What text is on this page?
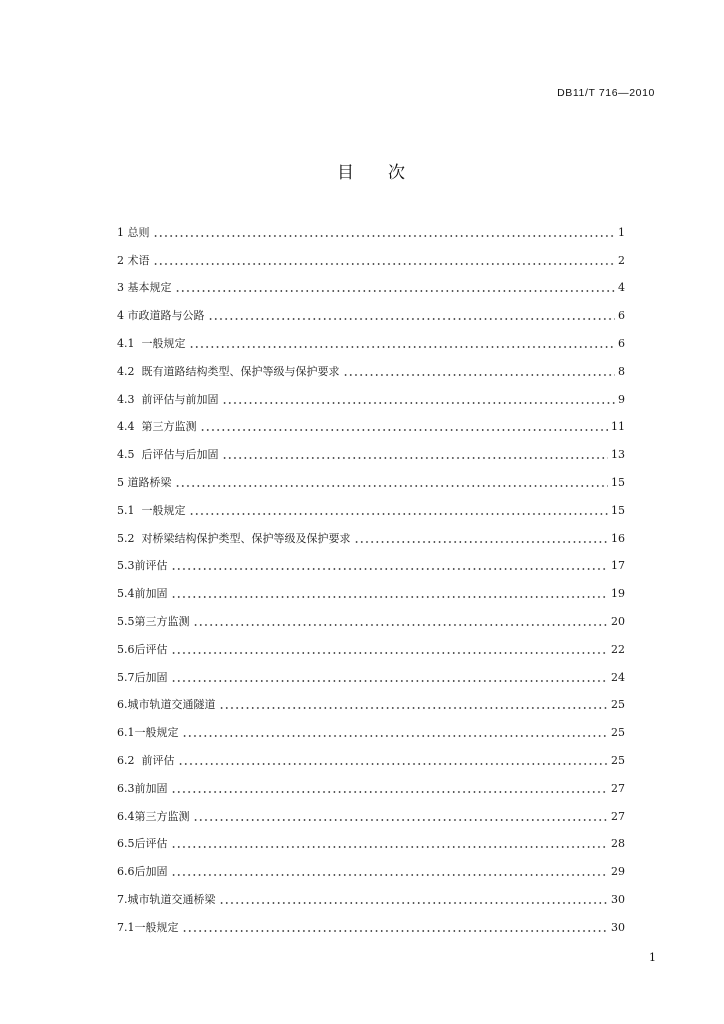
DB11/T 716—2010
目　　次
1 总则	1
2 术语	2
3 基本规定	4
4 市政道路与公路	6
4.1  一般规定	6
4.2  既有道路结构类型、保护等级与保护要求	8
4.3  前评估与前加固	9
4.4  第三方监测	11
4.5  后评估与后加固	13
5 道路桥梁	15
5.1  一般规定	15
5.2  对桥梁结构保护类型、保护等级及保护要求	16
5.3前评估	17
5.4前加固	19
5.5第三方监测	20
5.6后评估	22
5.7后加固	24
6.城市轨道交通隧道	25
6.1一般规定	25
6.2  前评估	25
6.3前加固	27
6.4第三方监测	27
6.5后评估	28
6.6后加固	29
7.城市轨道交通桥梁	30
7.1一般规定	30
1
